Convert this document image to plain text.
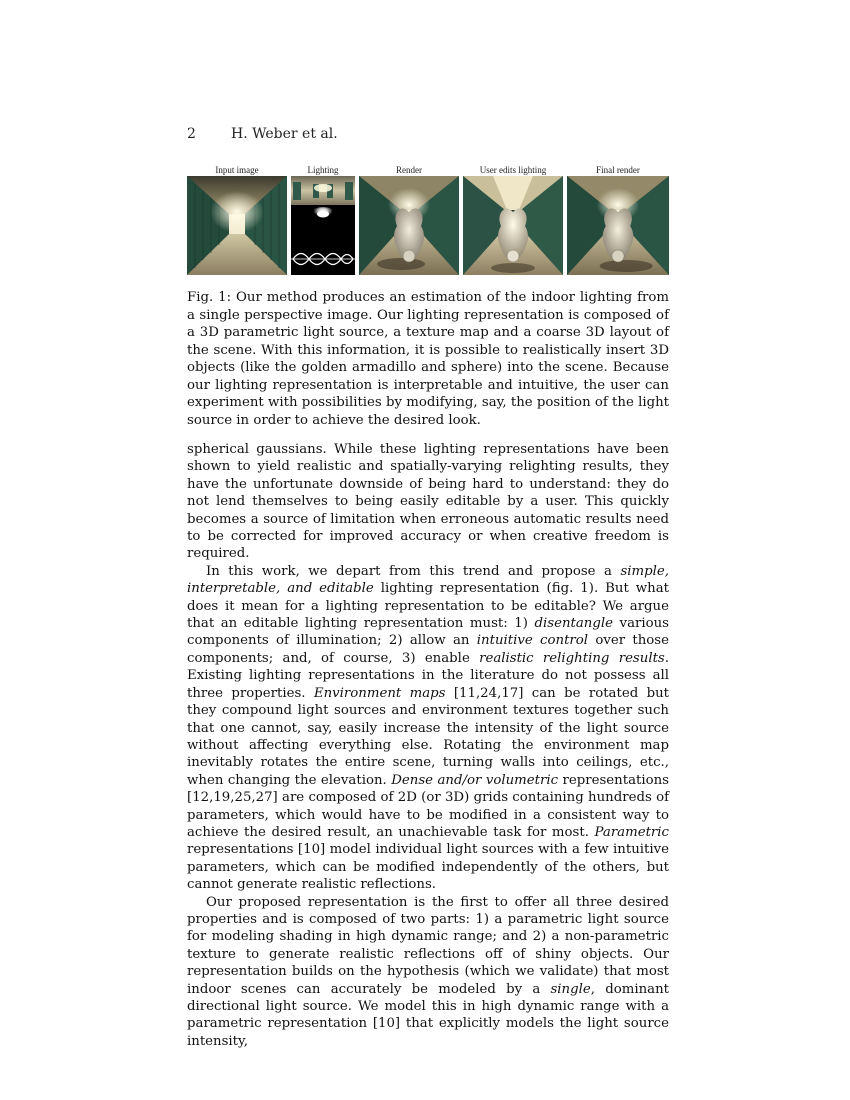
2	H. Weber et al.
Input image	Lighting	Render	User edits lighting	Final render
Fig. 1: Our method produces an estimation of the indoor lighting from a single perspective image. Our lighting representation is composed of a 3D parametric light source, a texture map and a coarse 3D layout of the scene. With this information, it is possible to realistically insert 3D objects (like the golden armadillo and sphere) into the scene. Because our lighting representation is interpretable and intuitive, the user can experiment with possibilities by modifying, say, the position of the light source in order to achieve the desired look.

spherical gaussians. While these lighting representations have been shown to yield realistic and spatially-varying relighting results, they have the unfortunate downside of being hard to understand: they do not lend themselves to being easily editable by a user. This quickly becomes a source of limitation when erroneous automatic results need to be corrected for improved accuracy or when creative freedom is required.

In this work, we depart from this trend and propose a simple, interpretable, and editable lighting representation (fig. 1). But what does it mean for a lighting representation to be editable? We argue that an editable lighting representation must: 1) disentangle various components of illumination; 2) allow an intuitive control over those components; and, of course, 3) enable realistic relighting results. Existing lighting representations in the literature do not possess all three properties. Environment maps [11,24,17] can be rotated but they compound light sources and environment textures together such that one cannot, say, easily increase the intensity of the light source without affecting everything else. Rotating the environment map inevitably rotates the entire scene, turning walls into ceilings, etc., when changing the elevation. Dense and/or volumetric representations [12,19,25,27] are composed of 2D (or 3D) grids containing hundreds of parameters, which would have to be modified in a consistent way to achieve the desired result, an unachievable task for most. Parametric representations [10] model individual light sources with a few intuitive parameters, which can be modified independently of the others, but cannot generate realistic reflections.

Our proposed representation is the first to offer all three desired properties and is composed of two parts: 1) a parametric light source for modeling shading in high dynamic range; and 2) a non-parametric texture to generate realistic reflections off of shiny objects. Our representation builds on the hypothesis (which we validate) that most indoor scenes can accurately be modeled by a single, dominant directional light source. We model this in high dynamic range with a parametric representation [10] that explicitly models the light source intensity,
